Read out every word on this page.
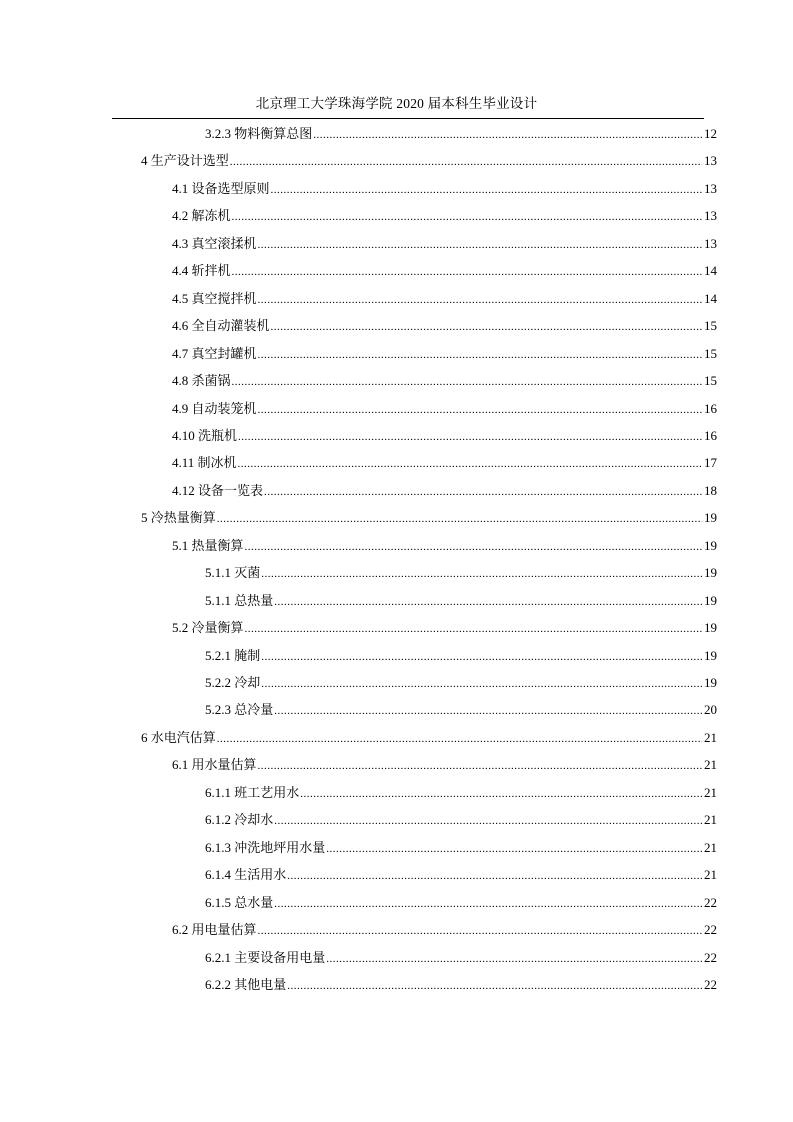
北京理工大学珠海学院 2020 届本科生毕业设计
3.2.3 物料衡算总图 .....	12
4 生产设计选型 .....	13
4.1 设备选型原则 .....	13
4.2 解冻机 .....	13
4.3 真空滚揉机 .....	13
4.4 斩拌机 .....	14
4.5 真空搅拌机 .....	14
4.6 全自动灌装机 .....	15
4.7 真空封罐机 .....	15
4.8 杀菌锅 .....	15
4.9 自动装笼机 .....	16
4.10 洗瓶机 .....	16
4.11 制冰机 .....	17
4.12 设备一览表 .....	18
5 冷热量衡算 .....	19
5.1 热量衡算 .....	19
5.1.1 灭菌 .....	19
5.1.1 总热量 .....	19
5.2 冷量衡算 .....	19
5.2.1 腌制 .....	19
5.2.2 冷却 .....	19
5.2.3 总冷量 .....	20
6 水电汽估算 .....	21
6.1 用水量估算 .....	21
6.1.1 班工艺用水 .....	21
6.1.2 冷却水 .....	21
6.1.3 冲洗地坪用水量 .....	21
6.1.4 生活用水 .....	21
6.1.5 总水量 .....	22
6.2 用电量估算 .....	22
6.2.1 主要设备用电量 .....	22
6.2.2 其他电量 .....	22
